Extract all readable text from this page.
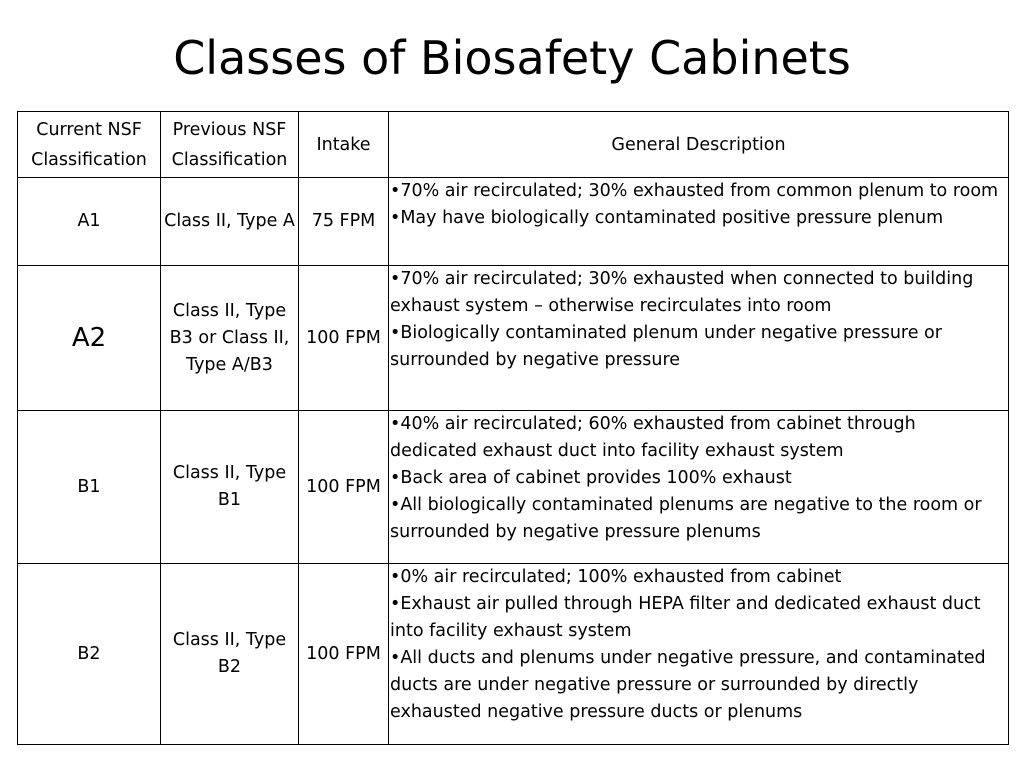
Classes of Biosafety Cabinets
Current NSF Classification	Previous NSF Classification	Intake	General Description
A1	Class II, Type A	75 FPM	•70% air recirculated; 30% exhausted from common plenum to room
•May have biologically contaminated positive pressure plenum

A2	Class II, Type B3 or Class II, Type A/B3	100 FPM	•70% air recirculated; 30% exhausted when connected to building exhaust system – otherwise recirculates into room
•Biologically contaminated plenum under negative pressure or surrounded by negative pressure

B1	Class II, Type B1	100 FPM	•40% air recirculated; 60% exhausted from cabinet through dedicated exhaust duct into facility exhaust system
•Back area of cabinet provides 100% exhaust
•All biologically contaminated plenums are negative to the room or surrounded by negative pressure plenums

B2	Class II, Type B2	100 FPM	•0% air recirculated; 100% exhausted from cabinet
•Exhaust air pulled through HEPA filter and dedicated exhaust duct into facility exhaust system
•All ducts and plenums under negative pressure, and contaminated ducts are under negative pressure or surrounded by directly exhausted negative pressure ducts or plenums
